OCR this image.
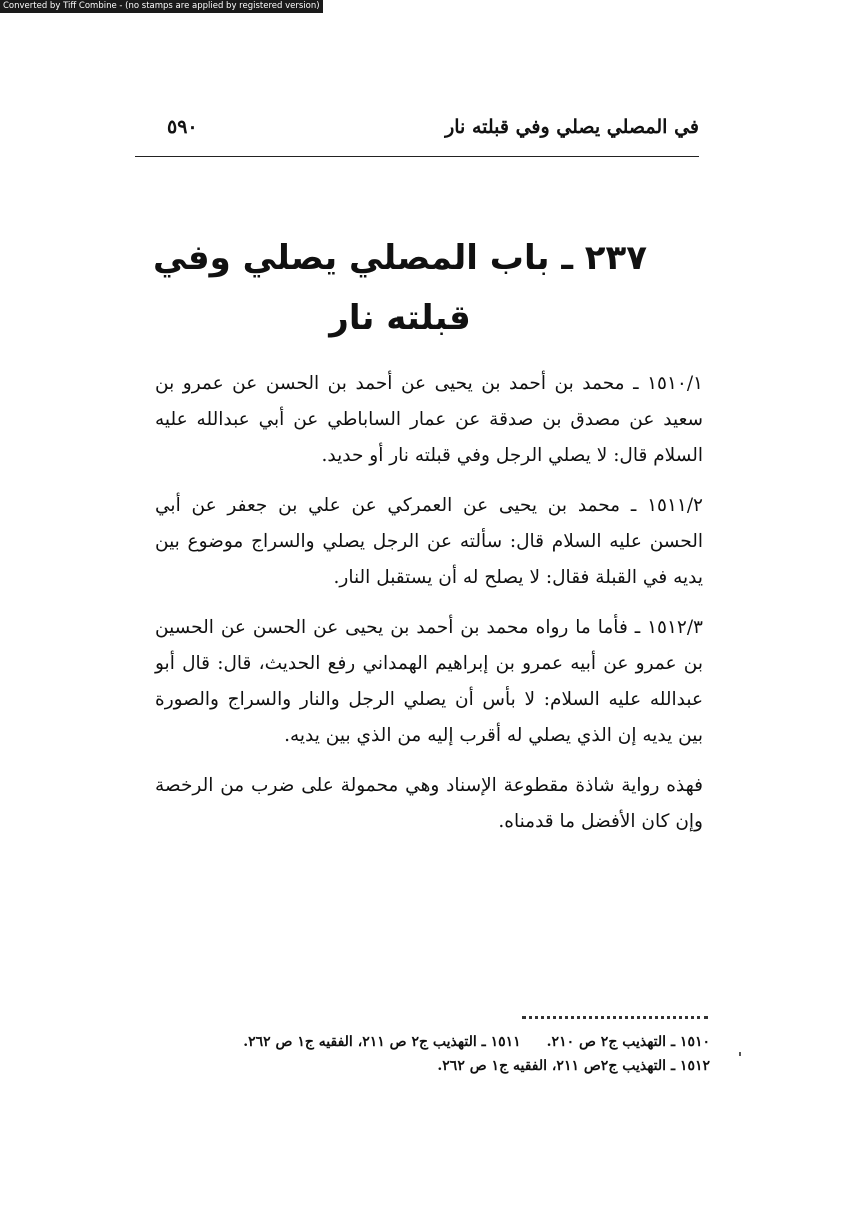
Converted by Tiff Combine - (no stamps are applied by registered version)
٥٩٠	في المصلي يصلي وفي قبلته نار
٢٣٧ ـ باب المصلي يصلي وفي قبلته نار

١٥١٠/١ ـ محمد بن أحمد بن يحيى عن أحمد بن الحسن عن عمرو بن سعيد عن مصدق بن صدقة عن عمار الساباطي عن أبي عبدالله عليه السلام قال: لا يصلي الرجل وفي قبلته نار أو حديد.

١٥١١/٢ ـ محمد بن يحيى عن العمركي عن علي بن جعفر عن أبي الحسن عليه السلام قال: سألته عن الرجل يصلي والسراج موضوع بين يديه في القبلة فقال: لا يصلح له أن يستقبل النار.

١٥١٢/٣ ـ فأما ما رواه محمد بن أحمد بن يحيى عن الحسن عن الحسين بن عمرو عن أبيه عمرو بن إبراهيم الهمداني رفع الحديث، قال: قال أبو عبدالله عليه السلام: لا بأس أن يصلي الرجل والنار والسراج والصورة بين يديه إن الذي يصلي له أقرب إليه من الذي بين يديه.

فهذه رواية شاذة مقطوعة الإسناد وهي محمولة على ضرب من الرخصة وإن كان الأفضل ما قدمناه.

١٥١٠ ـ التهذيب ج٢ ص ٢١٠.١٥١١ ـ التهذيب ج٢ ص ٢١١، الفقيه ج١ ص ٢٦٢.
١٥١٢ ـ التهذيب ج٢ص ٢١١، الفقيه ج١ ص ٢٦٢.
